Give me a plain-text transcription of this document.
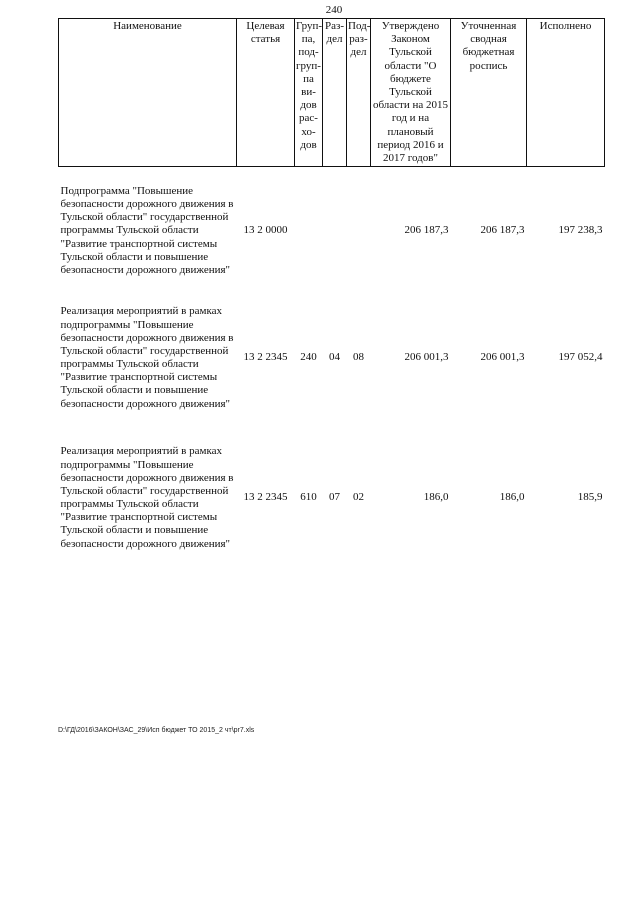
240
Наименование	Целевая статья	Груп-па, под-груп-па ви-дов рас-хо-дов	Раз-дел	Под-раз-дел	Утверждено Законом Тульской области "О бюджете Тульской области на 2015 год и на плановый период 2016 и 2017 годов"	Уточненная сводная бюджетная роспись	Исполнено
Подпрограмма "Повышение безопасности дорожного движения в Тульской области" государственной программы Тульской области "Развитие транспортной системы Тульской области и повышение безопасности дорожного движения"	13 2 0000				206 187,3	206 187,3	197 238,3
Реализация мероприятий в рамках подпрограммы "Повышение безопасности дорожного движения в Тульской области" государственной программы Тульской области "Развитие транспортной системы Тульской области и повышение безопасности дорожного движения"	13 2 2345	240	04	08	206 001,3	206 001,3	197 052,4
Реализация мероприятий в рамках подпрограммы "Повышение безопасности дорожного движения в Тульской области" государственной программы Тульской области "Развитие транспортной системы Тульской области и повышение безопасности дорожного движения"	13 2 2345	610	07	02	186,0	186,0	185,9
D:\ГД\2016\ЗАКОН\ЗАС_29\Исп бюджет ТО 2015_2 чт\pr7.xls
